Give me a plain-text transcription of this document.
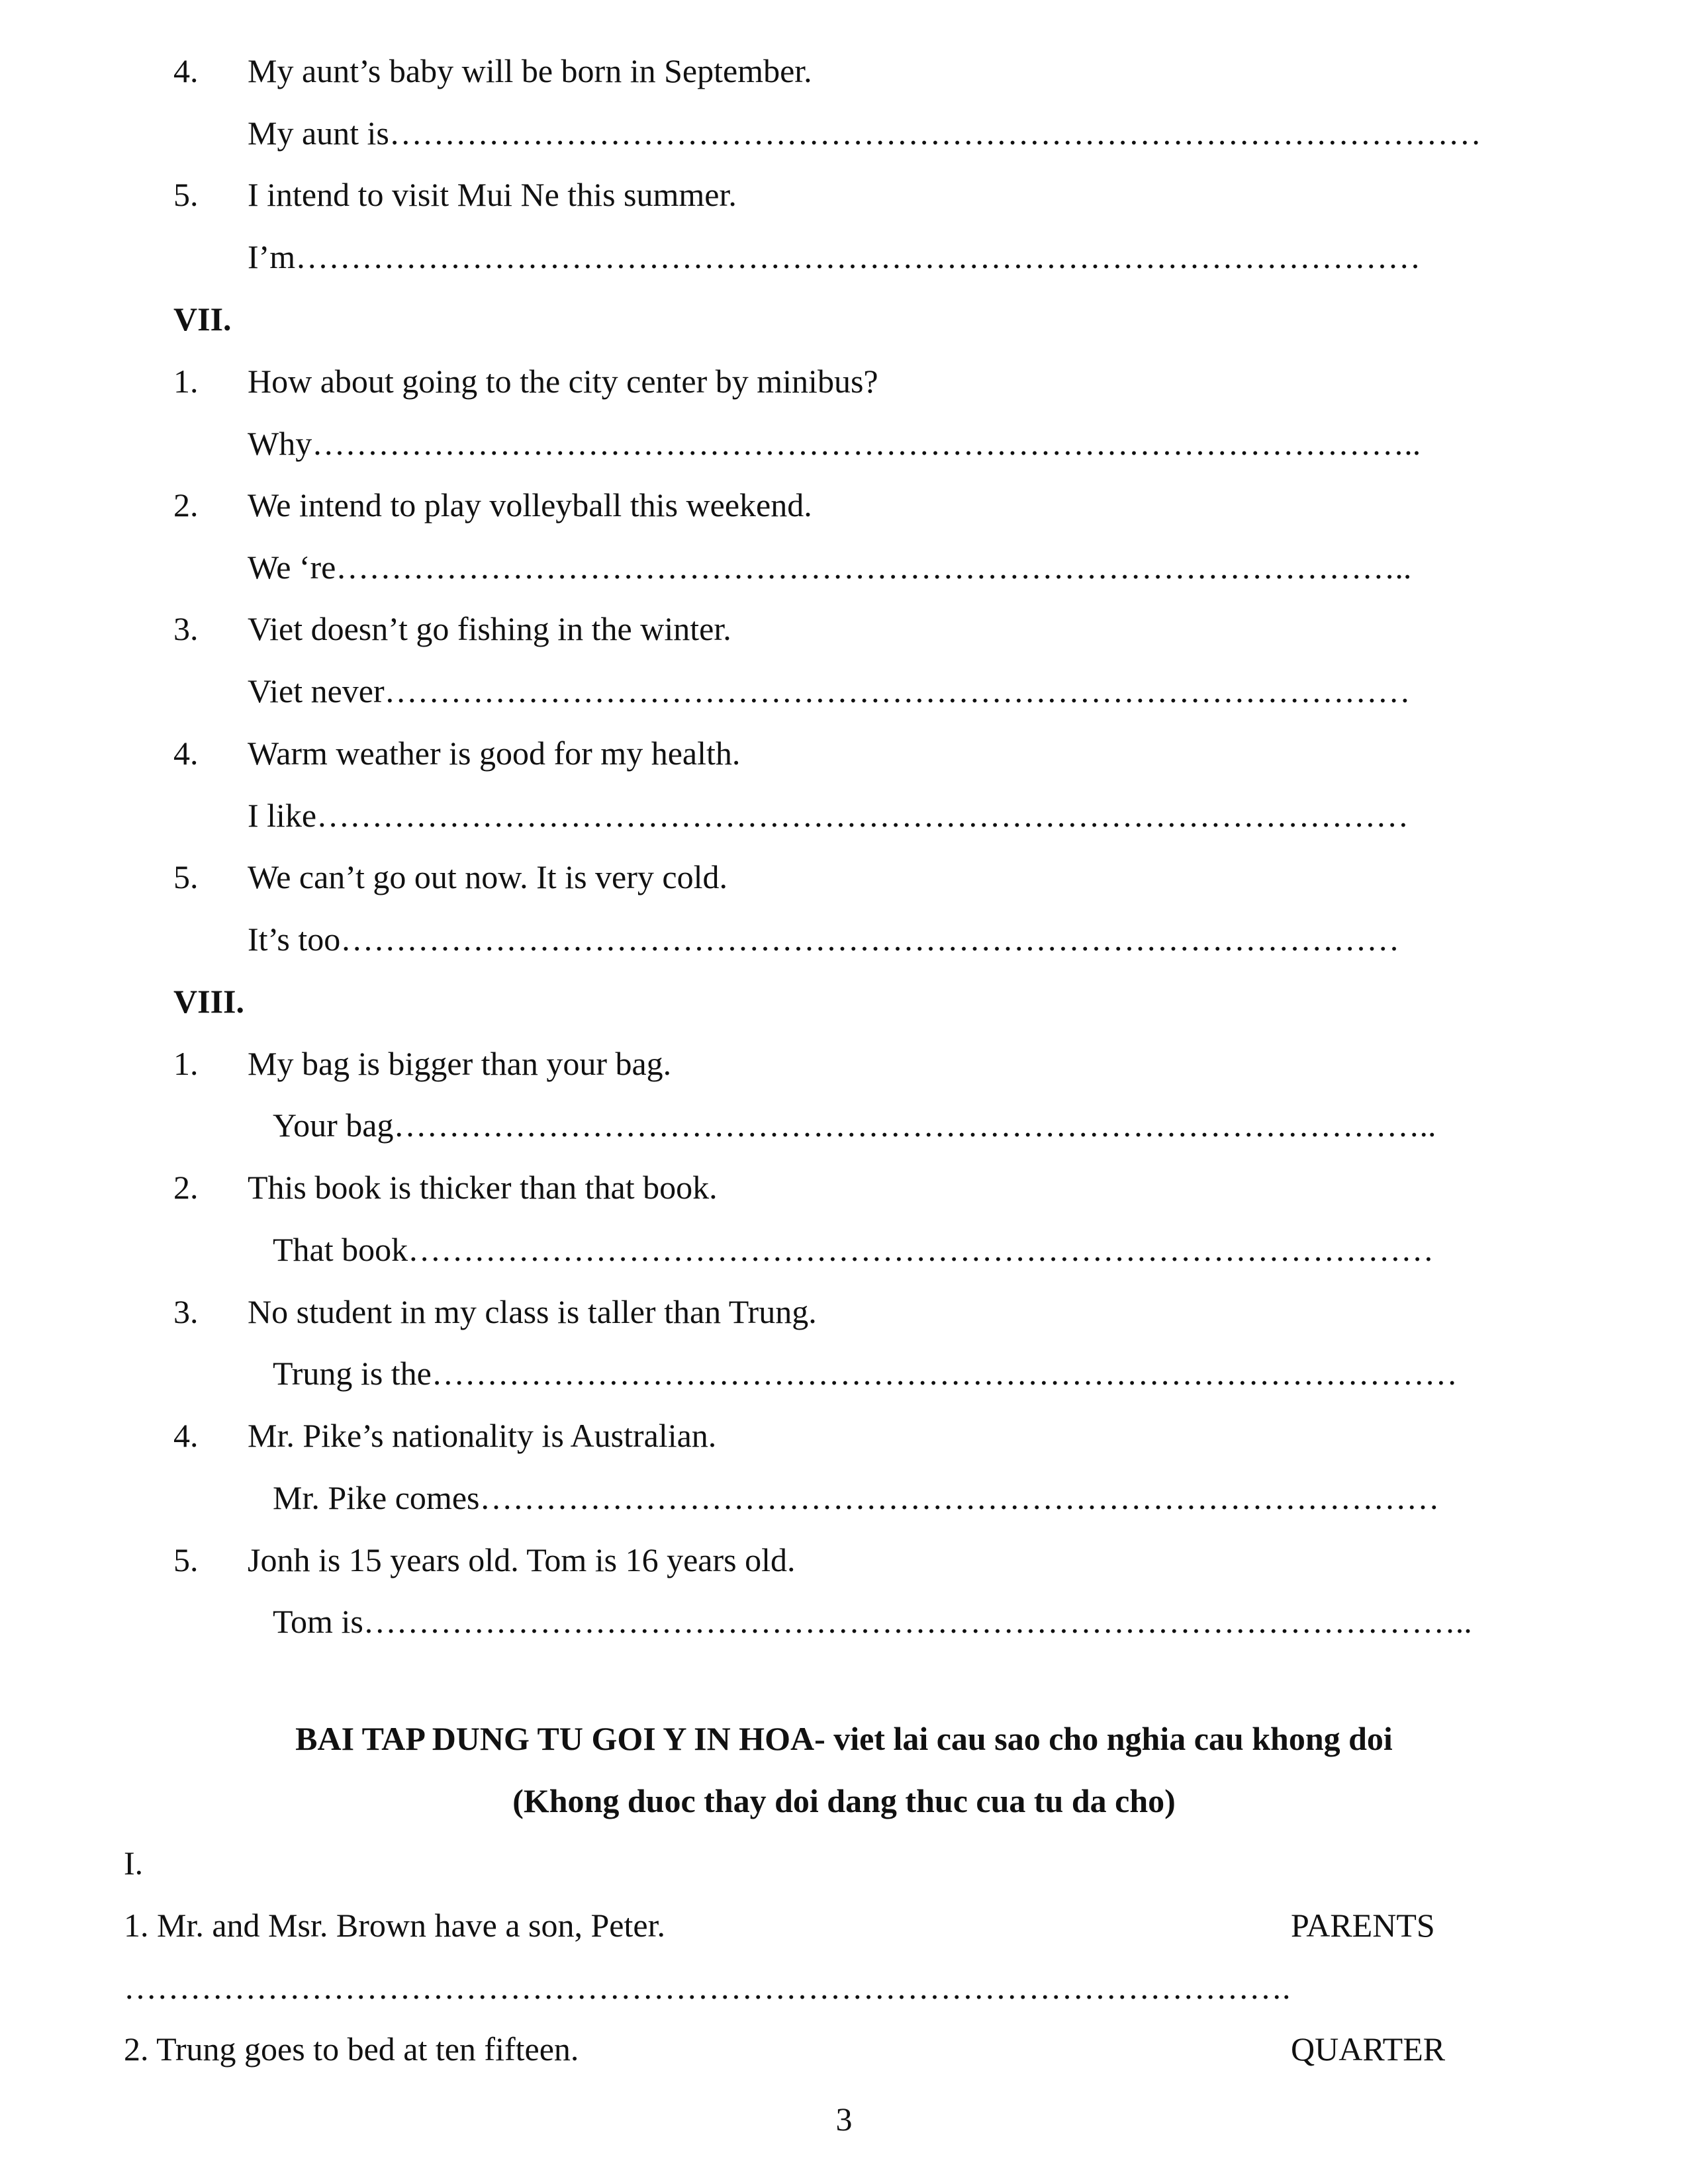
4. My aunt’s baby will be born in September.
My aunt is………………………………………………………………………………………
5. I intend to visit Mui Ne this summer.
I’m…………………………………………………………………………………………
VII.
1. How about going to the city center by minibus?
Why………………………………………………………………………………………..
2. We intend to play volleyball this weekend.
We ‘re……………………………………………………………………………………..
3. Viet doesn’t go fishing in the winter.
Viet never…………………………………………………………………………………
4. Warm weather is good for my health.
I like………………………………………………………………………………………
5. We can’t go out now. It is very cold.
It’s too……………………………………………………………………………………
VIII.
1. My bag is bigger than your bag.
Your bag…………………………………………………………………………………..
2. This book is thicker than that book.
That book…………………………………………………………………………………
3. No student in my class is taller than Trung.
Trung is the…………………………………………………………………………………
4. Mr. Pike’s nationality is Australian.
Mr. Pike comes……………………………………………………………………………
5. Jonh is 15 years old. Tom is 16 years old.
Tom is………………………………………………………………………………………..
BAI TAP DUNG TU GOI Y IN HOA- viet lai cau sao cho nghia cau khong doi
(Khong duoc thay doi dang thuc cua tu da cho)
I.
1. Mr. and Msr. Brown have a son, Peter.	PARENTS
…………………………………………………………………………………………….
2. Trung goes to bed at ten fifteen.	QUARTER
3
